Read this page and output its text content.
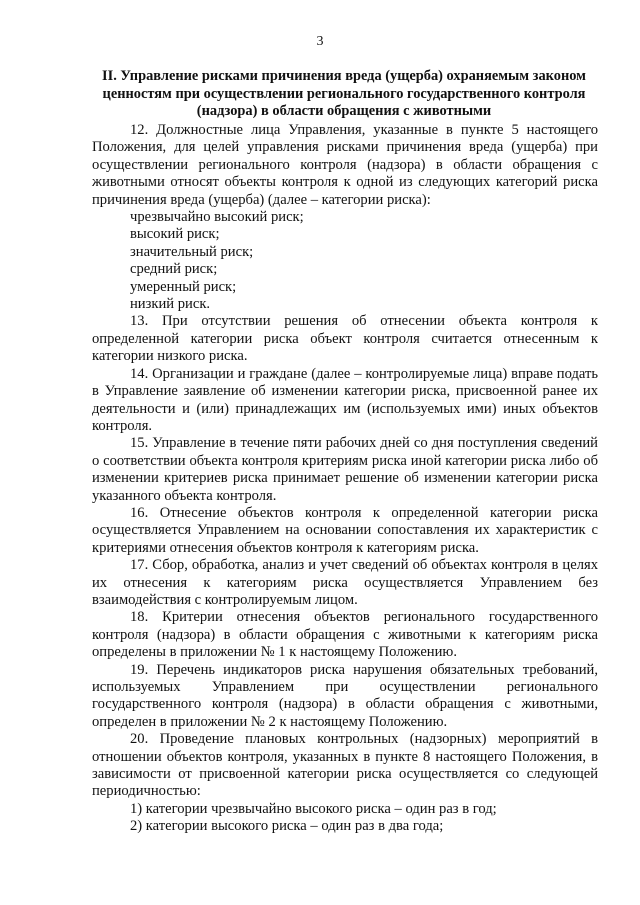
3
II. Управление рисками причинения вреда (ущерба) охраняемым законом ценностям при осуществлении регионального государственного контроля (надзора) в области обращения с животными

12. Должностные лица Управления, указанные в пункте 5 настоящего Положения, для целей управления рисками причинения вреда (ущерба) при осуществлении регионального контроля (надзора) в области обращения с животными относят объекты контроля к одной из следующих категорий риска причинения вреда (ущерба) (далее – категории риска):

чрезвычайно высокий риск;

высокий риск;

значительный риск;

средний риск;

умеренный риск;

низкий риск.

13. При отсутствии решения об отнесении объекта контроля к определенной категории риска объект контроля считается отнесенным к категории низкого риска.

14. Организации и граждане (далее – контролируемые лица) вправе подать в Управление заявление об изменении категории риска, присвоенной ранее их деятельности и (или) принадлежащих им (используемых ими) иных объектов контроля.

15. Управление в течение пяти рабочих дней со дня поступления сведений о соответствии объекта контроля критериям риска иной категории риска либо об изменении критериев риска принимает решение об изменении категории риска указанного объекта контроля.

16. Отнесение объектов контроля к определенной категории риска осуществляется Управлением на основании сопоставления их характеристик с критериями отнесения объектов контроля к категориям риска.

17. Сбор, обработка, анализ и учет сведений об объектах контроля в целях их отнесения к категориям риска осуществляется Управлением без взаимодействия с контролируемым лицом.

18. Критерии отнесения объектов регионального государственного контроля (надзора) в области обращения с животными к категориям риска определены в приложении № 1 к настоящему Положению.

19. Перечень индикаторов риска нарушения обязательных требований, используемых Управлением при осуществлении регионального государственного контроля (надзора) в области обращения с животными, определен в приложении № 2 к настоящему Положению.

20. Проведение плановых контрольных (надзорных) мероприятий в отношении объектов контроля, указанных в пункте 8 настоящего Положения, в зависимости от присвоенной категории риска осуществляется со следующей периодичностью:

1) категории чрезвычайно высокого риска – один раз в год;

2) категории высокого риска – один раз в два года;
